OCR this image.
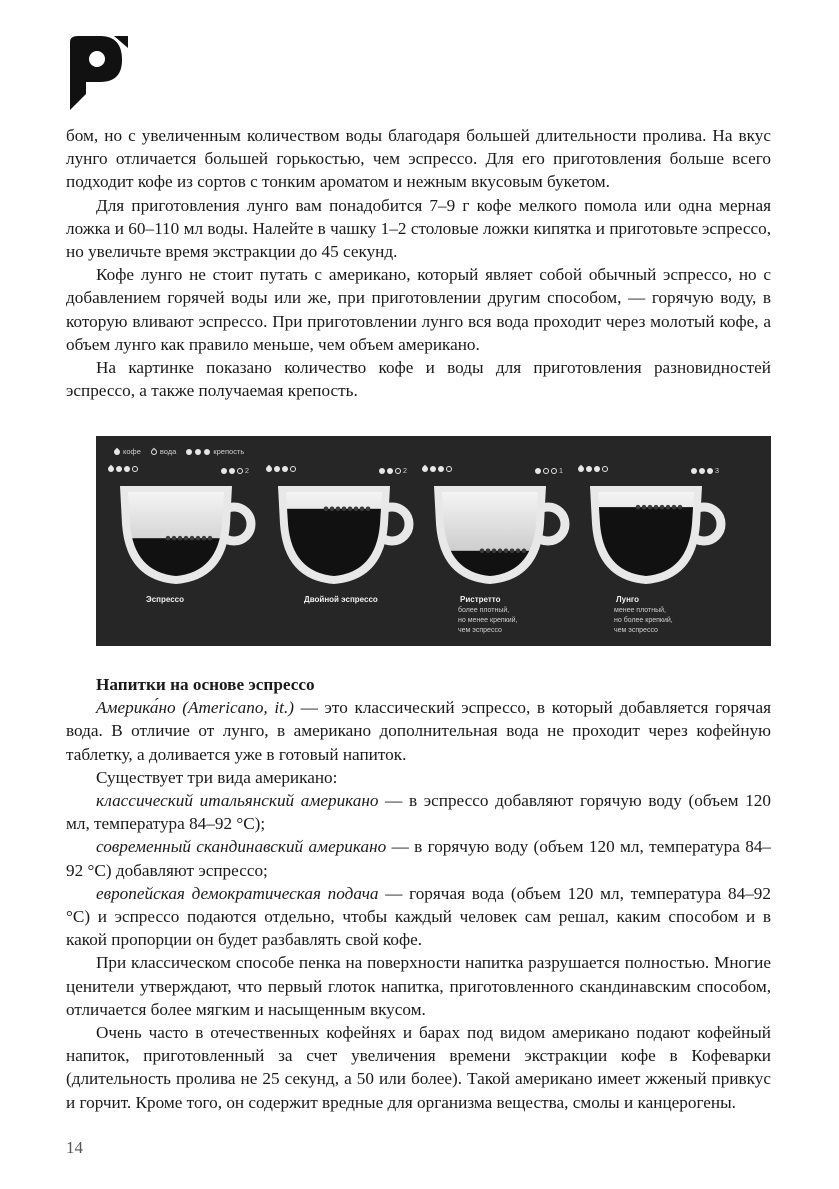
бом, но с увеличенным количеством воды благодаря большей длительности пролива. На вкус лунго отличается большей горькостью, чем эспрессо. Для его приготовления больше всего подходит кофе из сортов с тонким ароматом и нежным вкусовым букетом.

Для приготовления лунго вам понадобится 7–9 г кофе мелкого помола или одна мерная ложка и 60–110 мл воды. Налейте в чашку 1–2 столовые ложки кипятка и приготовьте эспрессо, но увеличьте время экстракции до 45 секунд.

Кофе лунго не стоит путать с американо, который являет собой обычный эспрессо, но с добавлением горячей воды или же, при приготовлении другим способом, — горячую воду, в которую вливают эспрессо. При приготовлении лунго вся вода проходит через молотый кофе, а объем лунго как правило меньше, чем объем американо.

На картинке показано количество кофе и воды для приготовления разновидностей эспрессо, а также получаемая крепость.

кофе	вода	крепость
2
Эспрессо
2
Двойной эспрессо
1
Ристретто
более плотный,
но менее крепкий,
чем эспрессо
3
Лунго
менее плотный,
но более крепкий,
чем эспрессо

Напитки на основе эспрессо

Америка́но (Americano, it.) — это классический эспрессо, в который добавляется горячая вода. В отличие от лунго, в американо дополнительная вода не проходит через кофейную таблетку, а доливается уже в готовый напиток.

Существует три вида американо:

классический итальянский американо — в эспрессо добавляют горячую воду (объем 120 мл, температура 84–92 °C);

современный скандинавский американо — в горячую воду (объем 120 мл, температура 84–92 °C) добавляют эспрессо;

европейская демократическая подача — горячая вода (объем 120 мл, температура 84–92 °C) и эспрессо подаются отдельно, чтобы каждый человек сам решал, каким способом и в какой пропорции он будет разбавлять свой кофе.

При классическом способе пенка на поверхности напитка разрушается полностью. Многие ценители утверждают, что первый глоток напитка, приготовленного скандинавским способом, отличается более мягким и насыщенным вкусом.

Очень часто в отечественных кофейнях и барах под видом американо подают кофейный напиток, приготовленный за счет увеличения времени экстракции кофе в Кофеварки (длительность пролива не 25 секунд, а 50 или более). Такой американо имеет жженый привкус и горчит. Кроме того, он содержит вредные для организма вещества, смолы и канцерогены.

14
